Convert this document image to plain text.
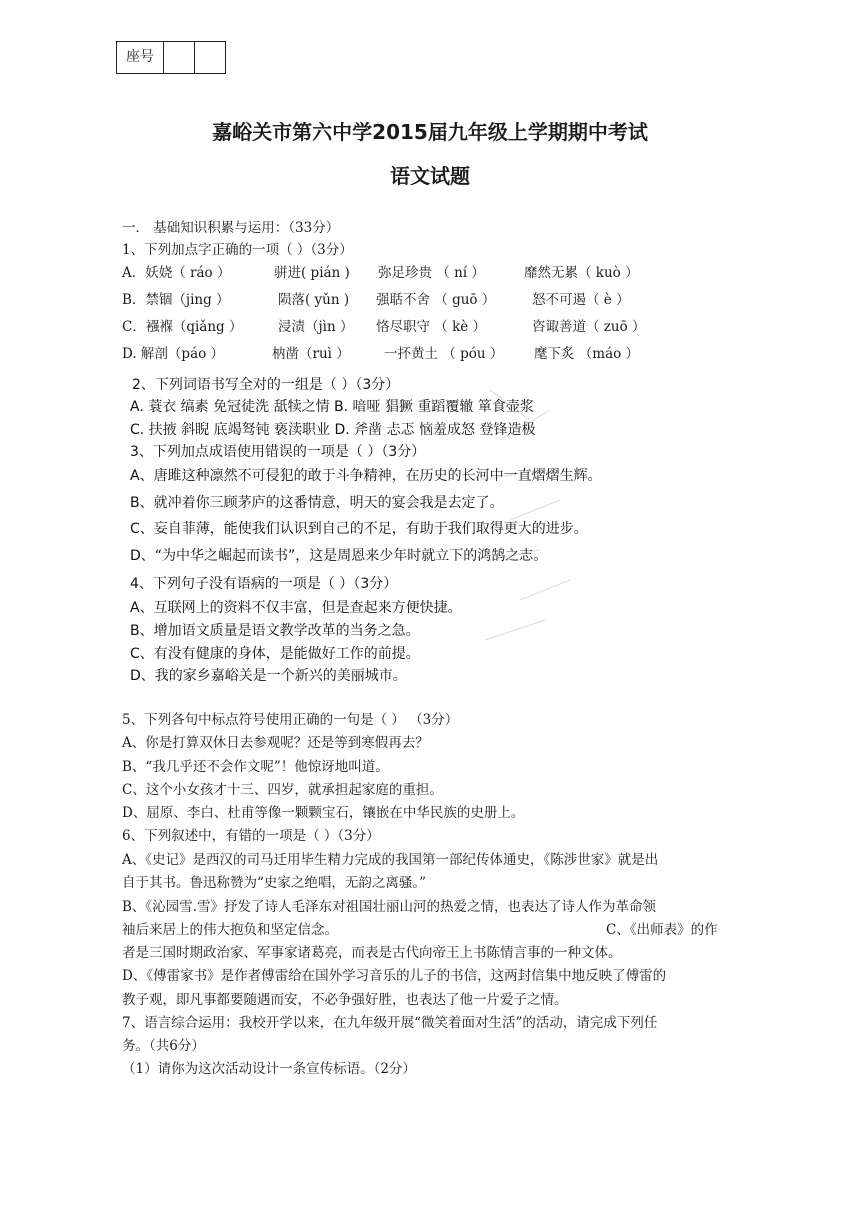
座号
嘉峪关市第六中学2015届九年级上学期期中考试
语文试题
一． 基础知识积累与运用：（33分）
1、下列加点字正确的一项（ ）（3分）
A．妖娆（ ráo ）	骈进( pián ) 弥足珍贵 （ ní ）	靡然无累（ kuò ）
B．禁锢（jing ）	陨落( yǔn ) 强聒不舍 （ guō ）	怒不可遏（ è ）
C．襁褓（qiǎng ）	浸渍（jìn ） 恪尽职守 （ kè ）	咨诹善道（ zuō ）
D. 解剖（páo ）	枘凿（ruì ）	一抔黄土 （ póu ） 麾下炙 （máo ）
2、下列词语书写全对的一组是（ ）（3分）
A. 蓑衣 缟素 免冠徒洗 舐犊之情 B. 喑哑 猖獗 重蹈覆辙 箪食壶浆
C. 扶掖 斜睨 底竭驽钝 亵渎职业 D. 斧凿 忐忑 恼羞成怒 登锋造极
3、下列加点成语使用错误的一项是（ ）（3分）
A、唐雎这种凛然不可侵犯的敢于斗争精神，在历史的长河中一直熠熠生辉。
B、就冲着你三顾茅庐的这番情意，明天的宴会我是去定了。
C、妄自菲薄，能使我们认识到自己的不足，有助于我们取得更大的进步。
D、“为中华之崛起而读书”，这是周恩来少年时就立下的鸿鹄之志。
4、下列句子没有语病的一项是（ ）（3分）
A、互联网上的资料不仅丰富，但是查起来方便快捷。
B、增加语文质量是语文教学改革的当务之急。
C、有没有健康的身体，是能做好工作的前提。
D、我的家乡嘉峪关是一个新兴的美丽城市。
5、下列各句中标点符号使用正确的一句是（ ） （3分）
A、你是打算双休日去参观呢？还是等到寒假再去？
B、“我几乎还不会作文呢”！他惊讶地叫道。
C、这个小女孩才十三、四岁，就承担起家庭的重担。
D、屈原、李白、杜甫等像一颗颗宝石，镶嵌在中华民族的史册上。
6、下列叙述中，有错的一项是（ ）（3分）
A、《史记》是西汉的司马迁用毕生精力完成的我国第一部纪传体通史，《陈涉世家》就是出
自于其书。鲁迅称赞为“史家之绝唱，无韵之离骚。”
B、《沁园雪.雪》抒发了诗人毛泽东对祖国壮丽山河的热爱之情，也表达了诗人作为革命领
袖后来居上的伟大抱负和坚定信念。	C、《出师表》的作
者是三国时期政治家、军事家诸葛亮，而表是古代向帝王上书陈情言事的一种文体。
D、《傅雷家书》是作者傅雷给在国外学习音乐的儿子的书信，这两封信集中地反映了傅雷的
教子观，即凡事都要随遇而安，不必争强好胜，也表达了他一片爱子之情。
7、语言综合运用：我校开学以来，在九年级开展“微笑着面对生活”的活动，请完成下列任
务。（共6分）
（1）请你为这次活动设计一条宣传标语。（2分）
